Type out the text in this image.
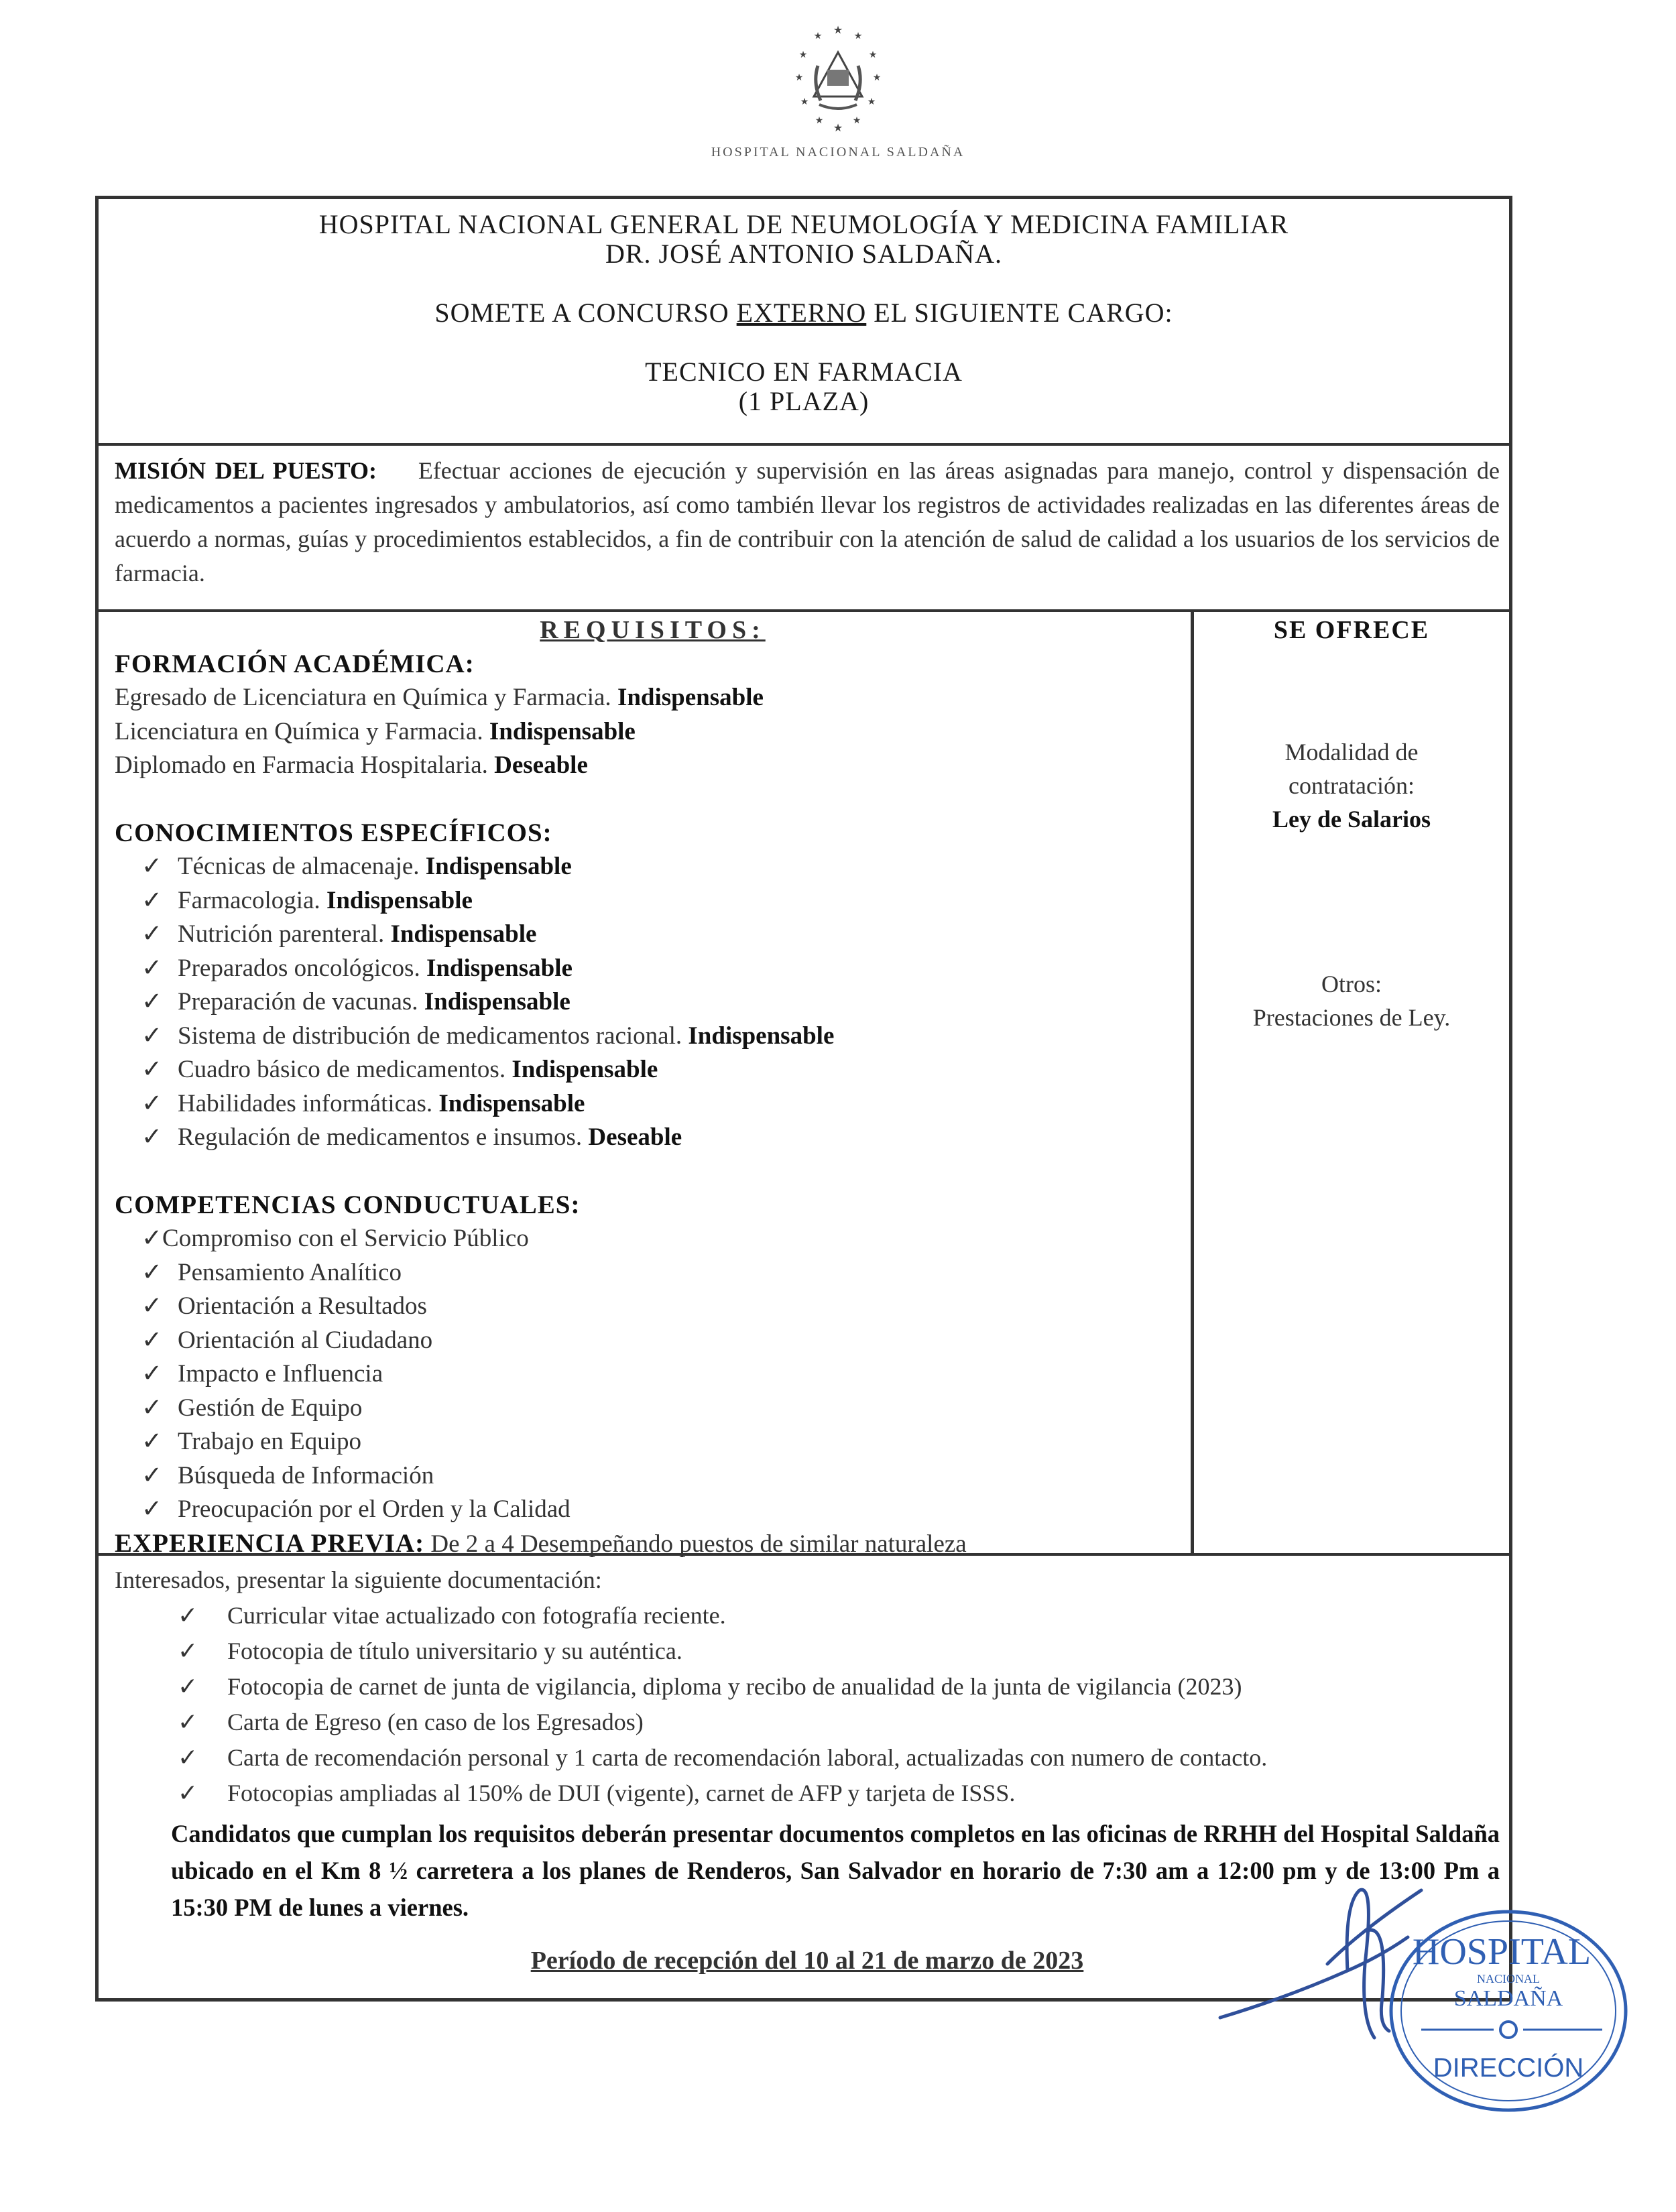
★
★	★
★	★
★	★
★	★
★	★
★
HOSPITAL NACIONAL SALDAÑA
HOSPITAL NACIONAL GENERAL DE NEUMOLOGÍA Y MEDICINA FAMILIAR
DR. JOSÉ ANTONIO SALDAÑA.
SOMETE A CONCURSO EXTERNO EL SIGUIENTE CARGO:
TECNICO EN FARMACIA
(1 PLAZA)
MISIÓN DEL PUESTO: Efectuar acciones de ejecución y supervisión en las áreas asignadas para manejo, control y dispensación de medicamentos a pacientes ingresados y ambulatorios, así como también llevar los registros de actividades realizadas en las diferentes áreas de acuerdo a normas, guías y procedimientos establecidos, a fin de contribuir con la atención de salud de calidad a los usuarios de los servicios de farmacia.
REQUISITOS:
FORMACIÓN ACADÉMICA:
Egresado de Licenciatura en Química y Farmacia. Indispensable
Licenciatura en Química y Farmacia. Indispensable
Diplomado en Farmacia Hospitalaria. Deseable
CONOCIMIENTOS ESPECÍFICOS:
✓ Técnicas de almacenaje. Indispensable
✓ Farmacologia. Indispensable
✓ Nutrición parenteral. Indispensable
✓ Preparados oncológicos. Indispensable
✓ Preparación de vacunas. Indispensable
✓ Sistema de distribución de medicamentos racional. Indispensable
✓ Cuadro básico de medicamentos. Indispensable
✓ Habilidades informáticas. Indispensable
✓ Regulación de medicamentos e insumos. Deseable
COMPETENCIAS CONDUCTUALES:
✓Compromiso con el Servicio Público
✓ Pensamiento Analítico
✓ Orientación a Resultados
✓ Orientación al Ciudadano
✓ Impacto e Influencia
✓ Gestión de Equipo
✓ Trabajo en Equipo
✓ Búsqueda de Información
✓ Preocupación por el Orden y la Calidad
EXPERIENCIA PREVIA: De 2 a 4 Desempeñando puestos de similar naturaleza
SE OFRECE
Modalidad de
contratación:
Ley de Salarios
Otros:
Prestaciones de Ley.
Interesados, presentar la siguiente documentación:
✓ Curricular vitae actualizado con fotografía reciente.
✓ Fotocopia de título universitario y su auténtica.
✓ Fotocopia de carnet de junta de vigilancia, diploma y recibo de anualidad de la junta de vigilancia (2023)
✓ Carta de Egreso (en caso de los Egresados)
✓ Carta de recomendación personal y 1 carta de recomendación laboral, actualizadas con numero de contacto.
✓ Fotocopias ampliadas al 150% de DUI (vigente), carnet de AFP y tarjeta de ISSS.
Candidatos que cumplan los requisitos deberán presentar documentos completos en las oficinas de RRHH del Hospital Saldaña ubicado en el Km 8 ½ carretera a los planes de Renderos, San Salvador en horario de 7:30 am a 12:00 pm y de 13:00 Pm a 15:30 PM de lunes a viernes.
Período de recepción del 10 al 21 de marzo de 2023	HOSPITAL
NACIONAL
SALDAÑA
DIRECCIÓN
